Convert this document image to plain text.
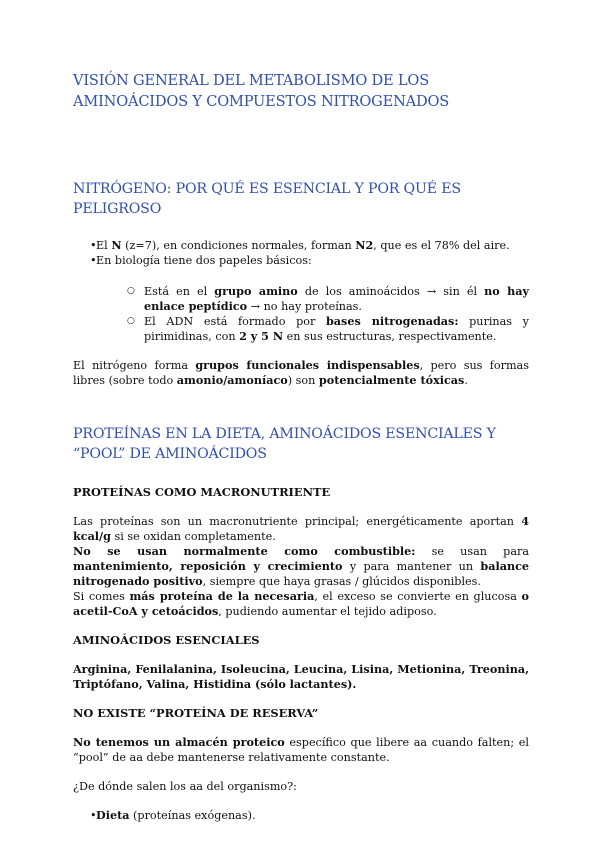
VISIÓN GENERAL DEL METABOLISMO DE LOS AMINOÁCIDOS Y COMPUESTOS NITROGENADOS
NITRÓGENO: POR QUÉ ES ESENCIAL Y POR QUÉ ES PELIGROSO
• El N (z=7), en condiciones normales, forman N2, que es el 78% del aire.
• En biología tiene dos papeles básicos:

○ Está en el grupo amino de los aminoácidos → sin él no hay enlace peptídico → no hay proteínas.

○ El ADN está formado por bases nitrogenadas: purinas y pirimidinas, con 2 y 5 N en sus estructuras, respectivamente.

El nitrógeno forma grupos funcionales indispensables, pero sus formas libres (sobre todo amonio/amoníaco) son potencialmente tóxicas.

PROTEÍNAS EN LA DIETA, AMINOÁCIDOS ESENCIALES Y “POOL” DE AMINOÁCIDOS
PROTEÍNAS COMO MACRONUTRIENTE

Las proteínas son un macronutriente principal; energéticamente aportan 4 kcal/g si se oxidan completamente.

No se usan normalmente como combustible: se usan para mantenimiento, reposición y crecimiento y para mantener un balance nitrogenado positivo, siempre que haya grasas / glúcidos disponibles.

Si comes más proteína de la necesaria, el exceso se convierte en glucosa o acetil-CoA y cetoácidos, pudiendo aumentar el tejido adiposo.

AMINOÁCIDOS ESENCIALES

Arginina, Fenilalanina, Isoleucina, Leucina, Lisina, Metionina, Treonina, Triptófano, Valina, Histidina (sólo lactantes).

NO EXISTE “PROTEÍNA DE RESERVA”

No tenemos un almacén proteico específico que libere aa cuando falten; el “pool” de aa debe mantenerse relativamente constante.

¿De dónde salen los aa del organismo?:

• Dieta (proteínas exógenas).
